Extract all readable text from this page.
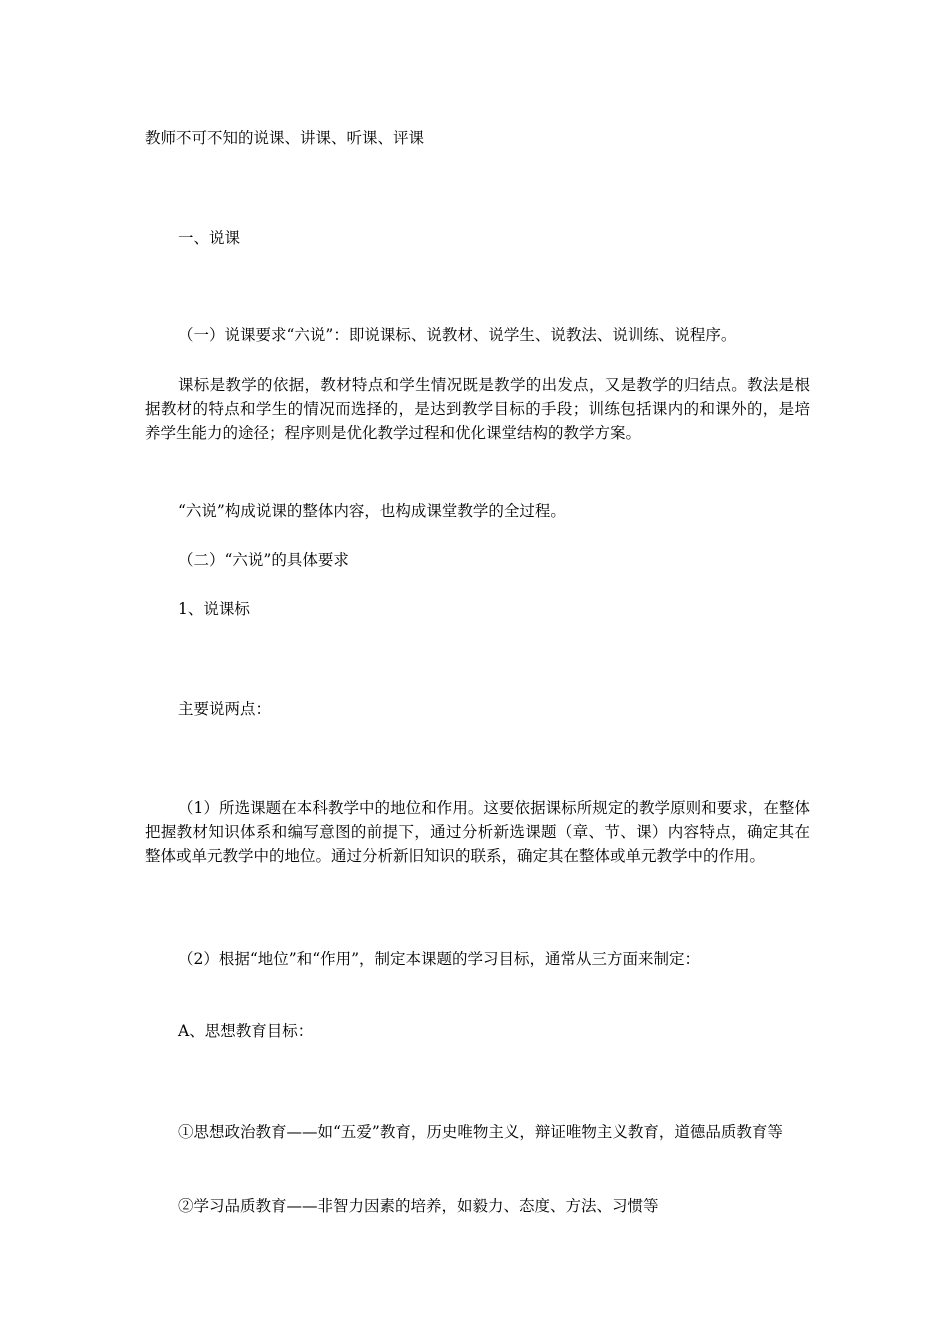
教师不可不知的说课、讲课、听课、评课
一、说课
（一）说课要求“六说”：即说课标、说教材、说学生、说教法、说训练、说程序。
课标是教学的依据，教材特点和学生情况既是教学的出发点，又是教学的归结点。教法是根据教材的特点和学生的情况而选择的，是达到教学目标的手段；训练包括课内的和课外的，是培养学生能力的途径；程序则是优化教学过程和优化课堂结构的教学方案。
“六说”构成说课的整体内容，也构成课堂教学的全过程。
（二）“六说”的具体要求
1、说课标
主要说两点：
（1）所选课题在本科教学中的地位和作用。这要依据课标所规定的教学原则和要求，在整体把握教材知识体系和编写意图的前提下，通过分析新选课题（章、节、课）内容特点，确定其在整体或单元教学中的地位。通过分析新旧知识的联系，确定其在整体或单元教学中的作用。
（2）根据“地位”和“作用”，制定本课题的学习目标，通常从三方面来制定：
A、思想教育目标：
①思想政治教育——如“五爱”教育，历史唯物主义，辩证唯物主义教育，道德品质教育等
②学习品质教育——非智力因素的培养，如毅力、态度、方法、习惯等
